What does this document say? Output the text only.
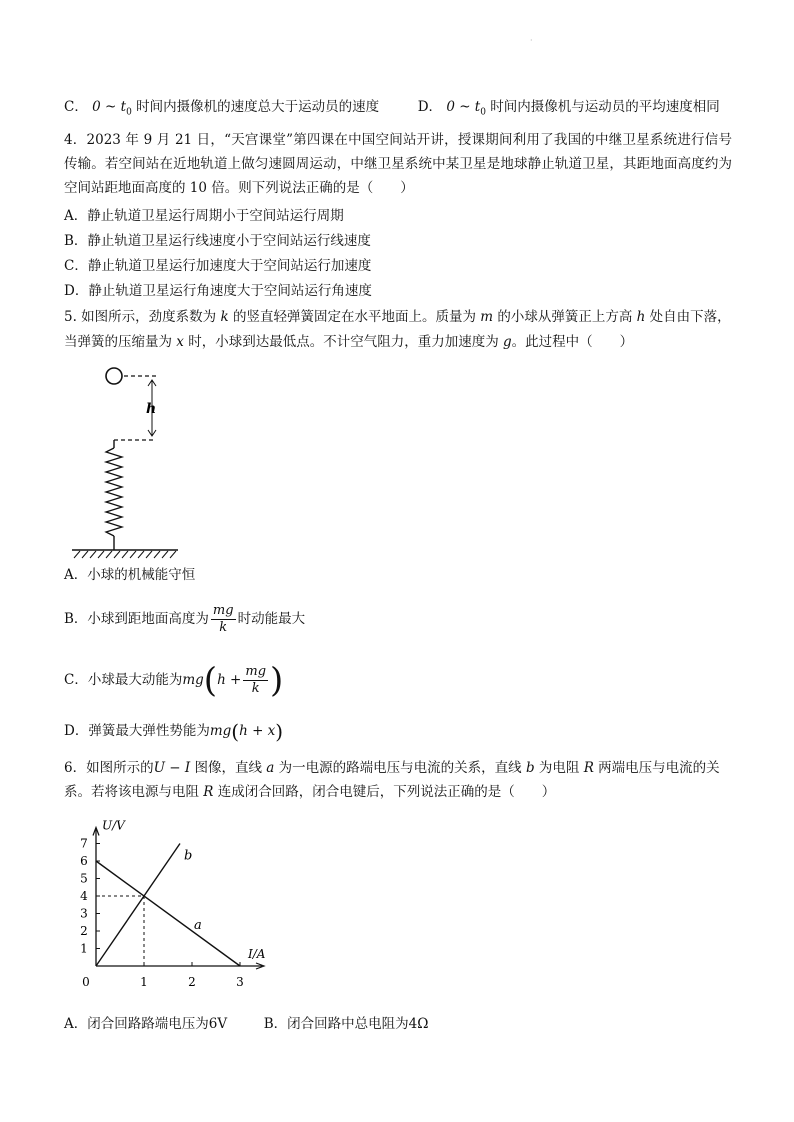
·
C． 0 ~ $t_0$ 时间内摄像机的速度总大于运动员的速度	D． 0 ~ $t_0$ 时间内摄像机与运动员的平均速度相同
4．2023 年 9 月 21 日，“天宫课堂”第四课在中国空间站开讲，授课期间利用了我国的中继卫星系统进行信号传输。若空间站在近地轨道上做匀速圆周运动，中继卫星系统中某卫星是地球静止轨道卫星，其距地面高度约为空间站距地面高度的 10 倍。则下列说法正确的是（　　）
A．静止轨道卫星运行周期小于空间站运行周期
B．静止轨道卫星运行线速度小于空间站运行线速度
C．静止轨道卫星运行加速度大于空间站运行加速度
D．静止轨道卫星运行角速度大于空间站运行角速度
5. 如图所示，劲度系数为 k 的竖直轻弹簧固定在水平地面上。质量为 m 的小球从弹簧正上方高 h 处自由下落，
当弹簧的压缩量为 x 时，小球到达最低点。不计空气阻力，重力加速度为 g。此过程中（　　）
h
A．小球的机械能守恒
B．小球到距地面高度为 $\frac{mg}{k}$ 时动能最大
C．小球最大动能为$mg(h + \frac{mg}{k}$ )
D．弹簧最大弹性势能为mg(h + x)
6．如图所示的U − I 图像，直线 a 为一电源的路端电压与电流的关系，直线 b 为电阻 R 两端电压与电流的关
系。若将该电源与电阻 R 连成闭合回路，闭合电键后，下列说法正确的是（　　）
1
2
3
4
5
6
7
0	1	2	3
a
b
U/V
I/A
A．闭合回路路端电压为6V	B．闭合回路中总电阻为4Ω
